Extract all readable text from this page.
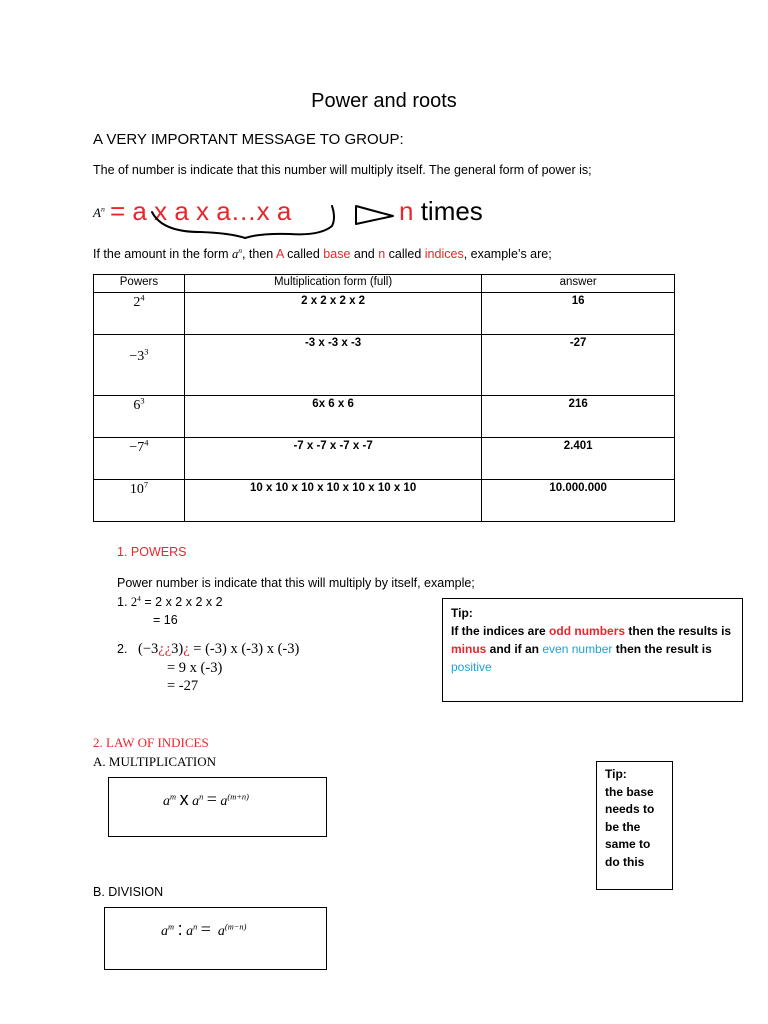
Power and roots
A VERY IMPORTANT MESSAGE TO GROUP:
The of number is indicate that this number will multiply itself. The general form of power is;
$A^n = a$ x a x a…x a	n times
If the amount in the form $a^n$, then A called base and n called indices, example’s are;
Powers	Multiplication form (full)	answer
$2^4$	2 x 2 x 2 x 2	16
$-3^3$	-3 x -3 x -3	-27
$6^3$	6x 6 x 6	216
$-7^4$	-7 x -7 x -7 x -7	2.401
$10^7$	10 x 10 x 10 x 10 x 10 x 10 x 10	10.000.000
1. POWERS
Power number is indicate that this will multiply by itself, example;
1. $2^4 = 2$ x 2 x 2 x 2
= 16
2. (−3¿¿3)¿ = (-3) x (-3) x (-3)
= 9 x (-3)
= -27
Tip:
If the indices are odd numbers then the results is minus and if an even number then the result is positive
2. LAW OF INDICES
A. MULTIPLICATION
$a^m$ x $a^n = a^{(m+n)}$
B. DIVISION
$a^m$ : $a^n = a^{(m-n)}$
Tip:
the base
needs to
be the
same to
do this
